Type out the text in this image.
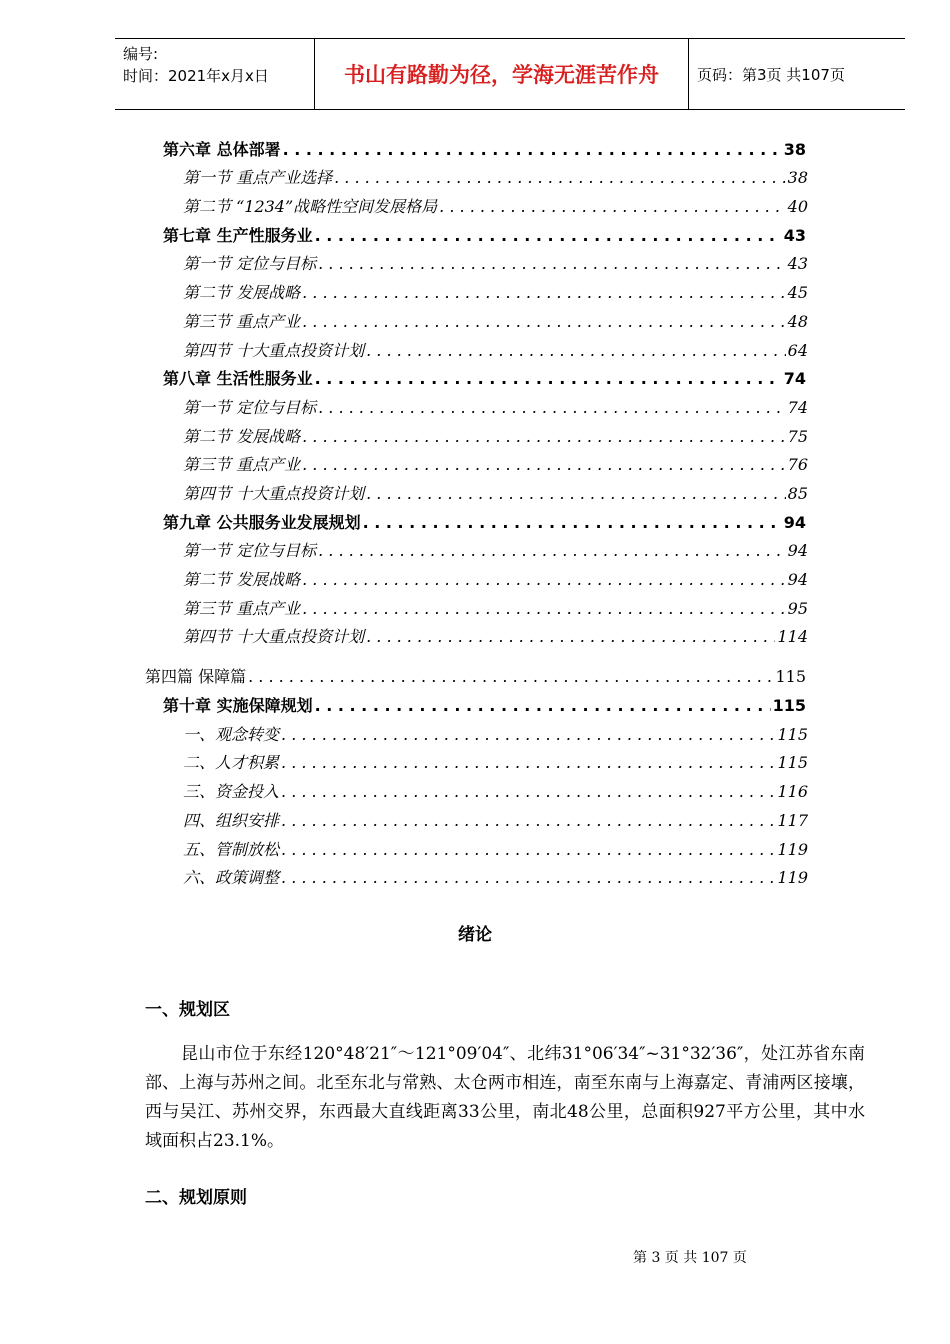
编号:
时间：2021年x月x日	书山有路勤为径，学海无涯苦作舟	页码：第3页 共107页
第六章 总体部署 . . .	38
第一节 重点产业选择 . . .	38
第二节 “1234”战略性空间发展格局 . . .	40
第七章 生产性服务业 . . .	43
第一节 定位与目标 . . .	43
第二节 发展战略 . . .	45
第三节 重点产业 . . .	48
第四节 十大重点投资计划 . . .	64
第八章 生活性服务业 . . .	74
第一节 定位与目标 . . .	74
第二节 发展战略 . . .	75
第三节 重点产业 . . .	76
第四节 十大重点投资计划 . . .	85
第九章 公共服务业发展规划 . . .	94
第一节 定位与目标 . . .	94
第二节 发展战略 . . .	94
第三节 重点产业 . . .	95
第四节 十大重点投资计划 . . .	114
第四篇 保障篇 . . .	115
第十章 实施保障规划 . . .	115
一、观念转变 . . .	115
二、人才积累 . . .	115
三、资金投入 . . .	116
四、组织安排 . . .	117
五、管制放松 . . .	119
六、政策调整 . . .	119
绪论
一、规划区

昆山市位于东经120°48′21″～121°09′04″、北纬31°06′34″~31°32′36″，处江苏省东南部、上海与苏州之间。北至东北与常熟、太仓两市相连，南至东南与上海嘉定、青浦两区接壤，西与吴江、苏州交界，东西最大直线距离33公里，南北48公里，总面积927平方公里，其中水域面积占23.1%。

二、规划原则
第 3 页 共 107 页
